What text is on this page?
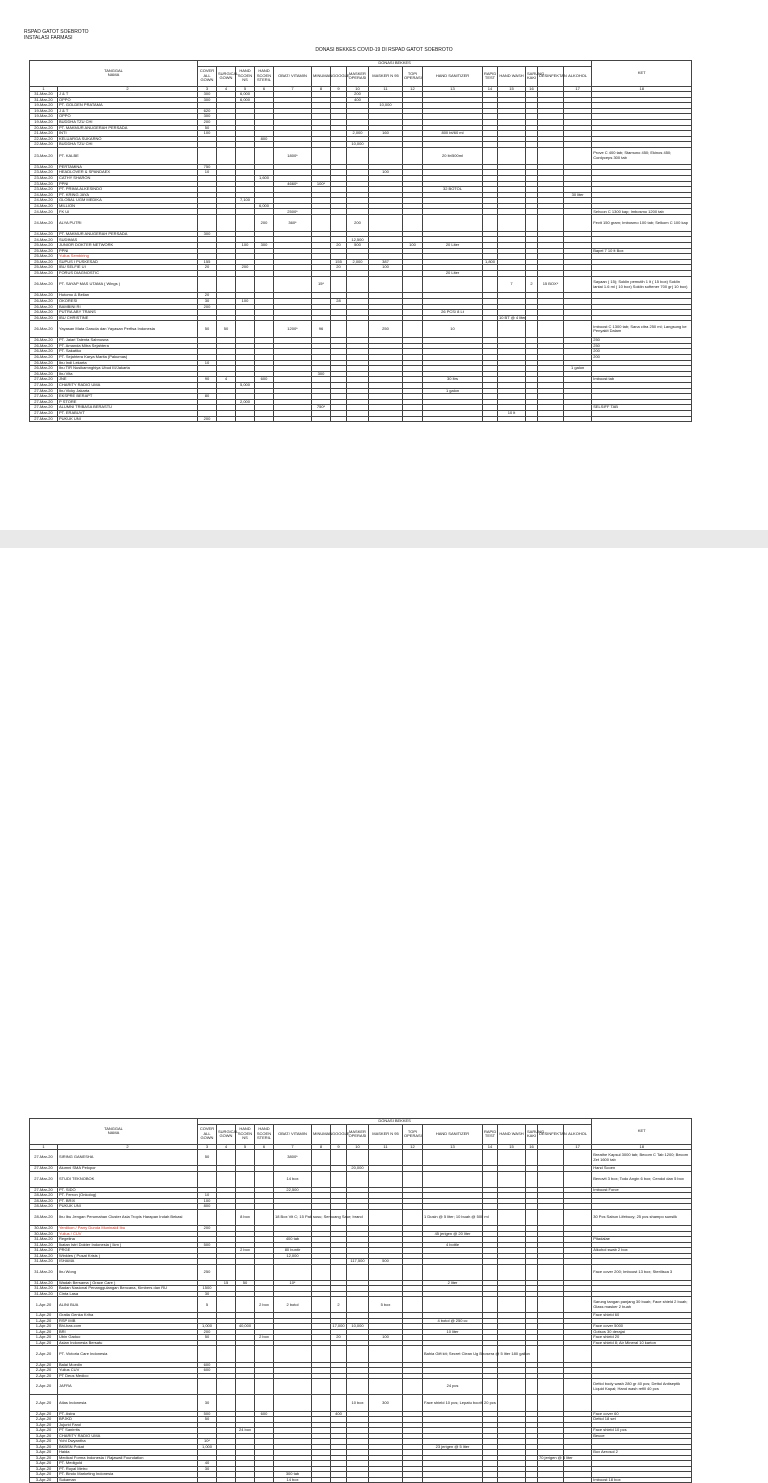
RSPAD GATOT SOEBROTO
INSTALASI FARMASI
DONASI BEKKES COVID-19 DI RSPAD GATOT SOEBROTO
TANGGALNAMA		DONASI BEKKES																KET
		COVER ALL GOWN	SURGICAL GOWN	HAND SCOEN NS	HAND SCOEN STERIL	OBAT/ VITAMIN	MINUMAN	GOOGLE	MASKER OPERASI	MASKER N 95	TOPI OPERASI	HAND SANITIZER	RAPID TEST	HAND WASH	SARUNG KAKI	DESINFEKTAN	ALKOHOL	
1	2	3	4	5	6	7	8	9	10	11	12	13	14	15	16		17	18
31-Mar-20	J & T	300		6,000					200									
31-Mar-20	OPPO	300		6,000					400									
19-Mar-20	PT. GOLDEN PRATAMA									10,000								
19-Mar-20	J & T	620																
19-Mar-20	OPPO	300																
19-Mar-20	BUDDHA TZU CHI	200																
20-Mar-20	PT. MAKMUR ANUGERAH PERSADA	50																
21-Mar-20	INTI	100							2,000	160		800 bt/60 ml						
22-Mar-20	KELUARGA SUKARNO				800													
22-Mar-20	BUDDHA TZU CHI								10,000									
23-Mar-20	PT. KALBE					1800*						20 ltr/500ml						Prove C 400 tab; Stamuno 450; Ekinos 450; Cordyceps 300 tab
23-Mar-20	PERTAMINA	750																
23-Mar-20	HEADLOVER & SPANDAEX	10								100								
23-Mar-20	CATHY SHARON				1,600													
23-Mar-20	PPNI					4660*	100*											
23-Mar-20	PT. PRIMA ALKESINDO											32 BOTOL						
24-Mar-20	PT. KRING JAYA																30 liter	
24-Mar-20	GLOBAL UGM MEDIKA			7,100														
24-Mar-20	MILLION				6,000													
24-Mar-20	FK UI					2500*												Sehcon C 1300 kap; Imbosmo 1200 tab
24-Mar-20	ALYA PUTRI				200	360*			200									Fevit 150 gram; Imbosmo 100 tab; Selkom C 100 kap
24-Mar-20	PT. MAKMUR ANUGERAH PERSADA	300																
24-Mar-20	SUDIMAS								12,500									
25-Mar-20	JUNIOR DOKTER NETWORK			100	300			20	500		100	20 Liter						
25-Mar-20	PPNI																	Bapel 7 10 lt Box
25-Mar-20	Yulius Sembiring																	
25-Mar-20	SUPUS I PUSKESAD	155						155	2,000	387			1,800					
25-Mar-20	IBU SELFIE UI	20		200				20		100								
25-Mar-20	FORUS DIAGNOSTIC											20 Liter						
26-Mar-20	PT. SAYAP MAS UTAMA ( Wings )						15*							7	2	15 BOX*		Sayaan ( 15); Soklin pemutih 1 lt ( 15 box) Soklin lantai 1.6 ml ( 10 box) Soklin softener 700 gr( 10 box)
26-Mar-20	Hutomo & Belian	20																
26-Mar-20	OKORESI	30		100				28										
26-Mar-20	BAMBINI RI	200																
26-Mar-20	PUTRA ABY TRANS											26 PCS/ 8 Lt						
26-Mar-20	IBU CHRISTINE													10 BT @ 4 liter				
26-Mar-20	Yayasan Mata Garuda dan Yayasan Perfisa Indonesia	50	50			1200*	96			250		10						Imboost C 1300 tab; Sana citra 250 ml; Langsung ke Penyakit Dalam
26-Mar-20	PT. Jaiari Talenta Sabnusna																	250
26-Mar-20	PT. Amanda Mitra Sejahtera																	250
26-Mar-20	PT. Sakatiko																	200
26-Mar-20	PT. Sejahtera Karya Marita (Pakumas)																	200
26-Mar-20	Ibu Indi Lekarta	10																
26-Mar-20	Ibu TIR Nusikamnghiya Ubud III/Jakarta																1 galon	
26-Mar-20	Ibu Vita						300											
27-Mar-20	JNE	90	4		600							30 ltrs						Imboost tab
27-Mar-20	CHARITY RADIO UMA			5,000														
27-Mar-20	Ibu Vicky Jakarta											1 galon						
27-Mar-20	EKSPRE BERAPT	80																
27-Mar-20	P STORE			2,000														
27-Mar-20	ALUMNI TRIBASA BERASTU						750*											SELSIFF TAB
27-Mar-20	PT. ERABUVT													10 lt				
27-Mar-20	PUKUK UNI	200																
TANGGALNAMA		DONASI BEKKES																KET
		COVER ALL GOWN	SURGICAL GOWN	HAND SCOEN NS	HAND SCOEN STERIL	OBAT/ VITAMIN	MINUMAN	GOOGLE	MASKER OPERASI	MASKER N 95	TOPI OPERASI	HAND SANITIZER	RAPID TEST	HAND WASH	SARUNG KAKI	DESINFEKTAN	ALKOHOL	
1	2	3	4	5	6	7	8	9	10	11	12	13	14	15	16		17	18
27-Mar-20	SIRING GANESHA	50				3800*												Breathe Kapsul 3000 tab; Becom C Tab 1200; Becom Zet 1600 tab
27-Mar-20	Alumni SMA Pelopor								20,000									Hand Scoen
27-Mar-20	STUDI TEKNOBOK					14 box												Benovit 3 box; Todo Angin 6 box; Cendol dan 5 box
27-Mar-20	PT. SIDO					22,500												Imboost Force
28-Mar-20	PT. Ferron (Onkolog)	10																
28-Mar-20	PT. BRIX	100																
28-Mar-20	PUKUK UNI	800																
28-Mar-20	Ibu Ibu Jengan Perumahan Cluster Asia Tropis Harapan Indah Bekasi			8 box		18 Box Vit C; 15 Pak susu; Semuang Saur; brand						1 Dusin @ 5 liter; 10 buah @ 500 ml						30 Pcs Sabun Lifebuoy; 25 pcs shampo sunsilk
30-Mar-20	Yerdikon / Parry Dunda Muninaldi Ibu	200																
30-Mar-20	Yulius / CUV											45 jerigen @ 20 liter						
31-Mar-20	Regelina					400 tab												Pitadalae
31-Mar-20	Ikatan Istri Dokter Indonesia ( Ikm )	500										4 bottle						
31-Mar-20	PRGE			2 box		80 buntir												Alkohol swab 2 box
31-Mar-20	Winkles ( Pusat Krisis )					12,000												
31-Mar-20	ISHAMA								117,500	500								
31-Mar-20	Ibu Wong	250																Face cover 200; Imboost 13 box; Sterilisca 3
31-Mar-20	Wadah Bersama ( Grace Care )		15	50		10*						2 liter						
31-Mar-20	Badan Nasional Penanggulangan Bencana, Kimbers dan RU	1500																
31-Mar-20	Cinta Lasa	30																
1-Apr-20	ALINI BUA	5			2 box	2 botol		2		5 box								Sarung tangan panjang 30 buah; Face shield 2 buah; Glass masker 2 buah
1-Apr-20	Gratia Genka Kriha																	Face shield 60
1-Apr-20	RSP IMB											4 botol @ 250 cc						
1-Apr-20	Bhi-bas.com	1,000		40,000				17,000	10,000									Face cover 5000
1-Apr-20	BRI	200										10 liter						Gotsos 30 derajat
1-Apr-20	Ubin Gaduo	50			2 box			20		100								Face shield 20
1-Apr-20	Asian Indonesia Bersatu																	Face shield 8; Air Mineral 10 karton
2-Apr-20	PT. Victoria Care Indonesia											Bahia Gift kit; Secret Clean Ug Bhosera @ 5 liter 180 gallon						
2-Apr-20	Balai Moedin	600																
2-Apr-20	Yulius CUV	600																
2-Apr-20	PT Deus Medico																	
2-Apr-20	JAFRA											24 pcs						Dettol body wash 280 gr 40 pcs; Dettol Antiseptik Liquid Kapal; Hand wash refill 40 pcs
2-Apr-20	Atlas Indonesia	30							10 box	300		Face shield 10 pcs; Lepatu booth 20 pcs						
2-Apr-20	PT. Astra	500			600			400										Face cover 60
2-Apr-20	BPJKD	50																Dettol 18 set
3-Apr-20	Jujurid Farol																	
3-Apr-20	PT Sanirrtis			24 box														Face shield 10 pcs
3-Apr-20	CHARITY RADIO UMA																	Beuce
3-Apr-20	Yohi Dwyantha	10*																
3-Apr-20	BKBSN Pokat	1,000										23 jerigen @ 5 liter						
3-Apr-20	Haida																	Box Aerosol 2
3-Apr-20	Medical Forma Indonesia / Rajawali Foundation															70 jerigen @ 5 liter		
3-Apr-20	PT. Medigold	40																
3-Apr-20	PT. Royal Metro	30																
3-Apr-20	PT. Bindo Marketing Indonesia					300 tab												
3-Apr-20	Sukaman					14 box												Imboost 18 box
